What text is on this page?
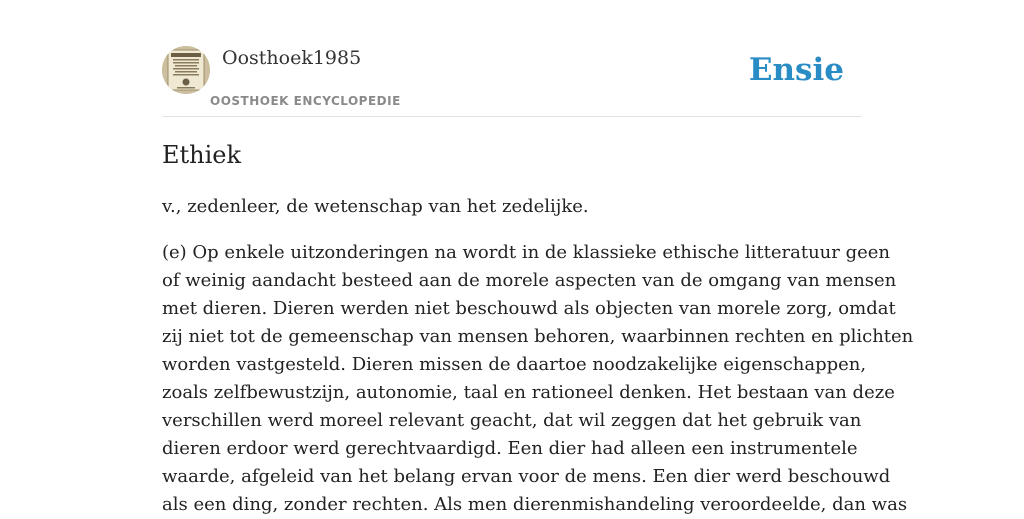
Oosthoek1985
OOSTHOEK ENCYCLOPEDIE
Ensie
Ethiek

v., zedenleer, de wetenschap van het zedelijke.

(e) Op enkele uitzonderingen na wordt in de klassieke ethische litteratuur geen
of weinig aandacht besteed aan de morele aspecten van de omgang van mensen
met dieren. Dieren werden niet beschouwd als objecten van morele zorg, omdat
zij niet tot de gemeenschap van mensen behoren, waarbinnen rechten en plichten
worden vastgesteld. Dieren missen de daartoe noodzakelijke eigenschappen,
zoals zelfbewustzijn, autonomie, taal en rationeel denken. Het bestaan van deze
verschillen werd moreel relevant geacht, dat wil zeggen dat het gebruik van
dieren erdoor werd gerechtvaardigd. Een dier had alleen een instrumentele
waarde, afgeleid van het belang ervan voor de mens. Een dier werd beschouwd
als een ding, zonder rechten. Als men dierenmishandeling veroordeelde, dan was
